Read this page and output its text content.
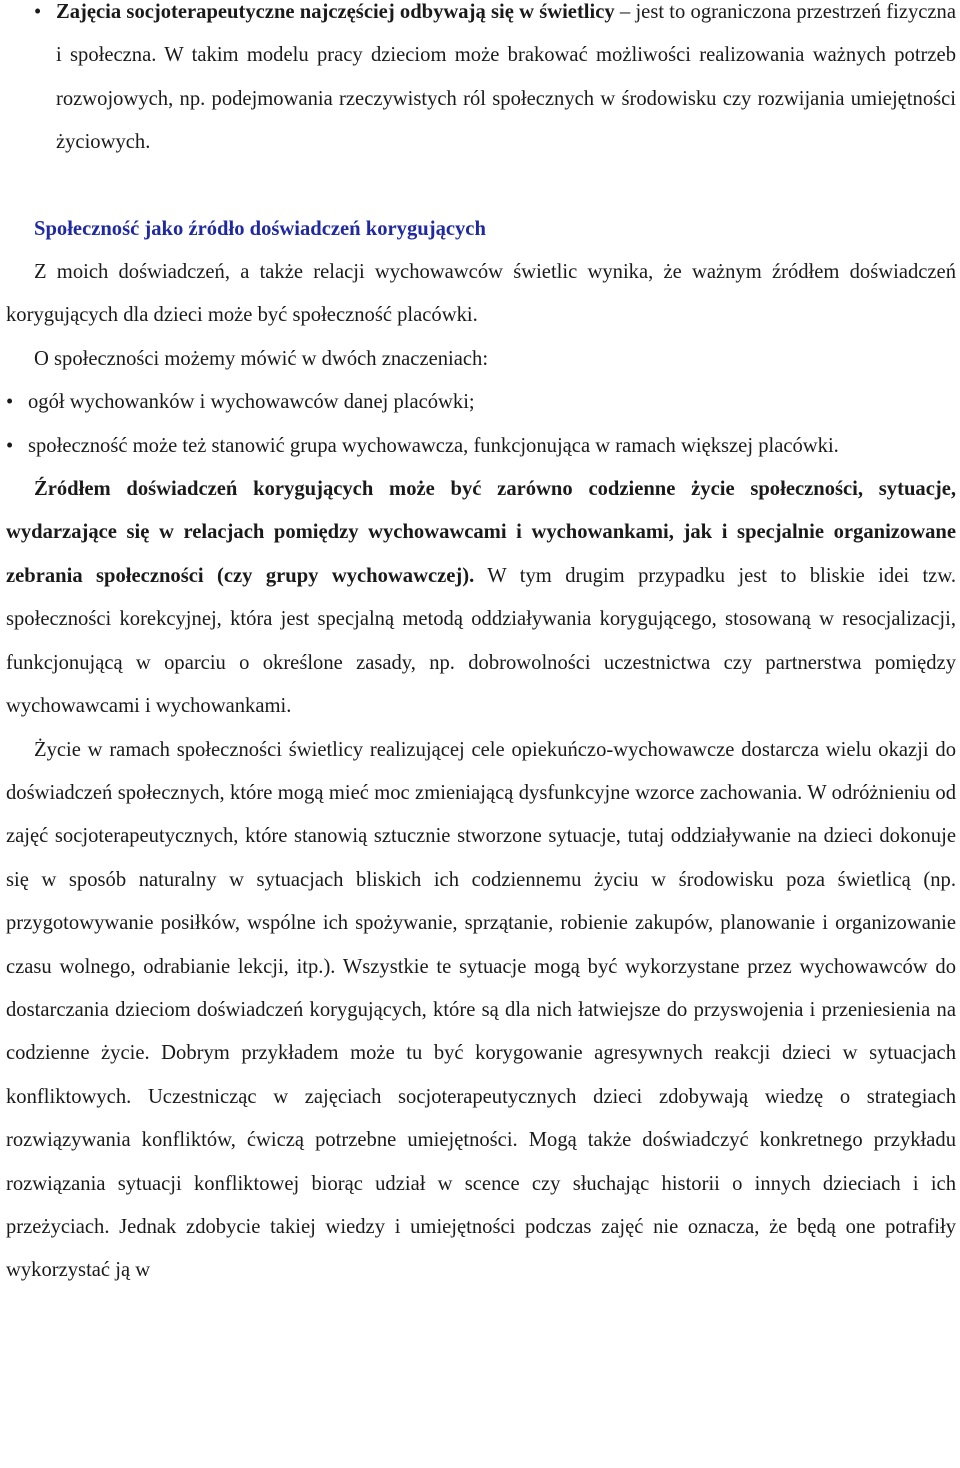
• Zajęcia socjoterapeutyczne najczęściej odbywają się w świetlicy – jest to ograniczona przestrzeń fizyczna i społeczna. W takim modelu pracy dzieciom może brakować możliwości realizowania ważnych potrzeb rozwojowych, np. podejmowania rzeczywistych ról społecznych w środowisku czy rozwijania umiejętności życiowych.

Społeczność jako źródło doświadczeń korygujących

Z moich doświadczeń, a także relacji wychowawców świetlic wynika, że ważnym źródłem doświadczeń korygujących dla dzieci może być społeczność placówki.

O społeczności możemy mówić w dwóch znaczeniach:

• ogół wychowanków i wychowawców danej placówki;

• społeczność może też stanowić grupa wychowawcza, funkcjonująca w ramach większej placówki.

Źródłem doświadczeń korygujących może być zarówno codzienne życie społeczności, sytuacje, wydarzające się w relacjach pomiędzy wychowawcami i wychowankami, jak i specjalnie organizowane zebrania społeczności (czy grupy wychowawczej). W tym drugim przypadku jest to bliskie idei tzw. społeczności korekcyjnej, która jest specjalną metodą oddziaływania korygującego, stosowaną w resocjalizacji, funkcjonującą w oparciu o określone zasady, np. dobrowolności uczestnictwa czy partnerstwa pomiędzy wychowawcami i wychowankami.

Życie w ramach społeczności świetlicy realizującej cele opiekuńczo-wychowawcze dostarcza wielu okazji do doświadczeń społecznych, które mogą mieć moc zmieniającą dysfunkcyjne wzorce zachowania. W odróżnieniu od zajęć socjoterapeutycznych, które stanowią sztucznie stworzone sytuacje, tutaj oddziaływanie na dzieci dokonuje się w sposób naturalny w sytuacjach bliskich ich codziennemu życiu w środowisku poza świetlicą (np. przygotowywanie posiłków, wspólne ich spożywanie, sprzątanie, robienie zakupów, planowanie i organizowanie czasu wolnego, odrabianie lekcji, itp.). Wszystkie te sytuacje mogą być wykorzystane przez wychowawców do dostarczania dzieciom doświadczeń korygujących, które są dla nich łatwiejsze do przyswojenia i przeniesienia na codzienne życie. Dobrym przykładem może tu być korygowanie agresywnych reakcji dzieci w sytuacjach konfliktowych. Uczestnicząc w zajęciach socjoterapeutycznych dzieci zdobywają wiedzę o strategiach rozwiązywania konfliktów, ćwiczą potrzebne umiejętności. Mogą także doświadczyć konkretnego przykładu rozwiązania sytuacji konfliktowej biorąc udział w scence czy słuchając historii o innych dzieciach i ich przeżyciach. Jednak zdobycie takiej wiedzy i umiejętności podczas zajęć nie oznacza, że będą one potrafiły wykorzystać ją w
